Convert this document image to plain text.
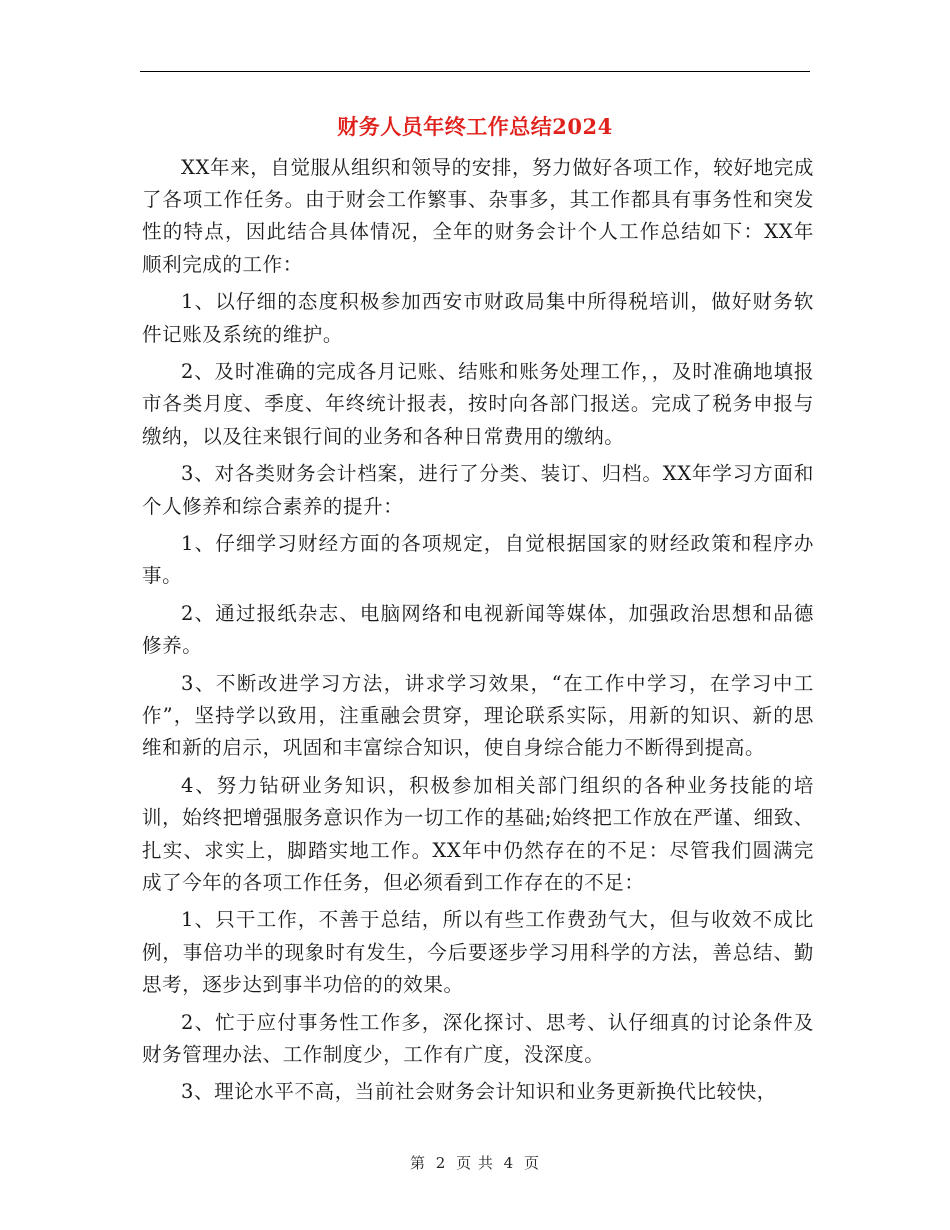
财务人员年终工作总结2024

XX年来，自觉服从组织和领导的安排，努力做好各项工作，较好地完成了各项工作任务。由于财会工作繁事、杂事多，其工作都具有事务性和突发性的特点，因此结合具体情况，全年的财务会计个人工作总结如下：XX年顺利完成的工作：

1、以仔细的态度积极参加西安市财政局集中所得税培训，做好财务软件记账及系统的维护。

2、及时准确的完成各月记账、结账和账务处理工作，，及时准确地填报市各类月度、季度、年终统计报表，按时向各部门报送。完成了税务申报与缴纳，以及往来银行间的业务和各种日常费用的缴纳。

3、对各类财务会计档案，进行了分类、装订、归档。XX年学习方面和个人修养和综合素养的提升：

1、仔细学习财经方面的各项规定，自觉根据国家的财经政策和程序办事。

2、通过报纸杂志、电脑网络和电视新闻等媒体，加强政治思想和品德修养。

3、不断改进学习方法，讲求学习效果，“在工作中学习，在学习中工作”，坚持学以致用，注重融会贯穿，理论联系实际，用新的知识、新的思维和新的启示，巩固和丰富综合知识，使自身综合能力不断得到提高。

4、努力钻研业务知识，积极参加相关部门组织的各种业务技能的培训，始终把增强服务意识作为一切工作的基础;始终把工作放在严谨、细致、扎实、求实上，脚踏实地工作。XX年中仍然存在的不足：尽管我们圆满完成了今年的各项工作任务，但必须看到工作存在的不足：

1、只干工作，不善于总结，所以有些工作费劲气大，但与收效不成比例，事倍功半的现象时有发生，今后要逐步学习用科学的方法，善总结、勤思考，逐步达到事半功倍的的效果。

2、忙于应付事务性工作多，深化探讨、思考、认仔细真的讨论条件及财务管理办法、工作制度少，工作有广度，没深度。

3、理论水平不高，当前社会财务会计知识和业务更新换代比较快，

第 2 页 共 4 页
